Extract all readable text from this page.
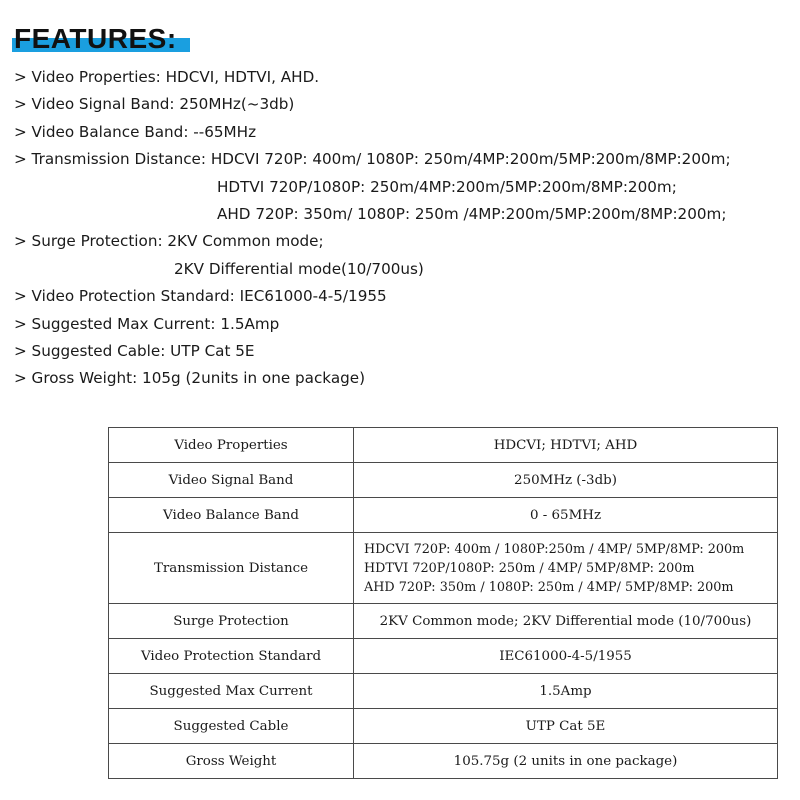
FEATURES:
> Video Properties: HDCVI, HDTVI, AHD.
> Video Signal Band: 250MHz(~3db)
> Video Balance Band: --65MHz
> Transmission Distance: HDCVI 720P: 400m/ 1080P: 250m/4MP:200m/5MP:200m/8MP:200m;
HDTVI 720P/1080P: 250m/4MP:200m/5MP:200m/8MP:200m;
AHD 720P: 350m/ 1080P: 250m /4MP:200m/5MP:200m/8MP:200m;
> Surge Protection: 2KV Common mode;
2KV Differential mode(10/700us)
> Video Protection Standard: IEC61000-4-5/1955
> Suggested Max Current: 1.5Amp
> Suggested Cable: UTP Cat 5E
> Gross Weight: 105g (2units in one package)
Video Properties	HDCVI; HDTVI; AHD
Video Signal Band	250MHz (-3db)
Video Balance Band	0 - 65MHz
Transmission Distance	HDCVI 720P: 400m / 1080P:250m / 4MP/ 5MP/8MP: 200m
HDTVI 720P/1080P: 250m / 4MP/ 5MP/8MP: 200m
AHD 720P: 350m / 1080P: 250m / 4MP/ 5MP/8MP: 200m

Surge Protection	2KV Common mode; 2KV Differential mode (10/700us)
Video Protection Standard	IEC61000-4-5/1955
Suggested Max Current	1.5Amp
Suggested Cable	UTP Cat 5E
Gross Weight	105.75g (2 units in one package)
